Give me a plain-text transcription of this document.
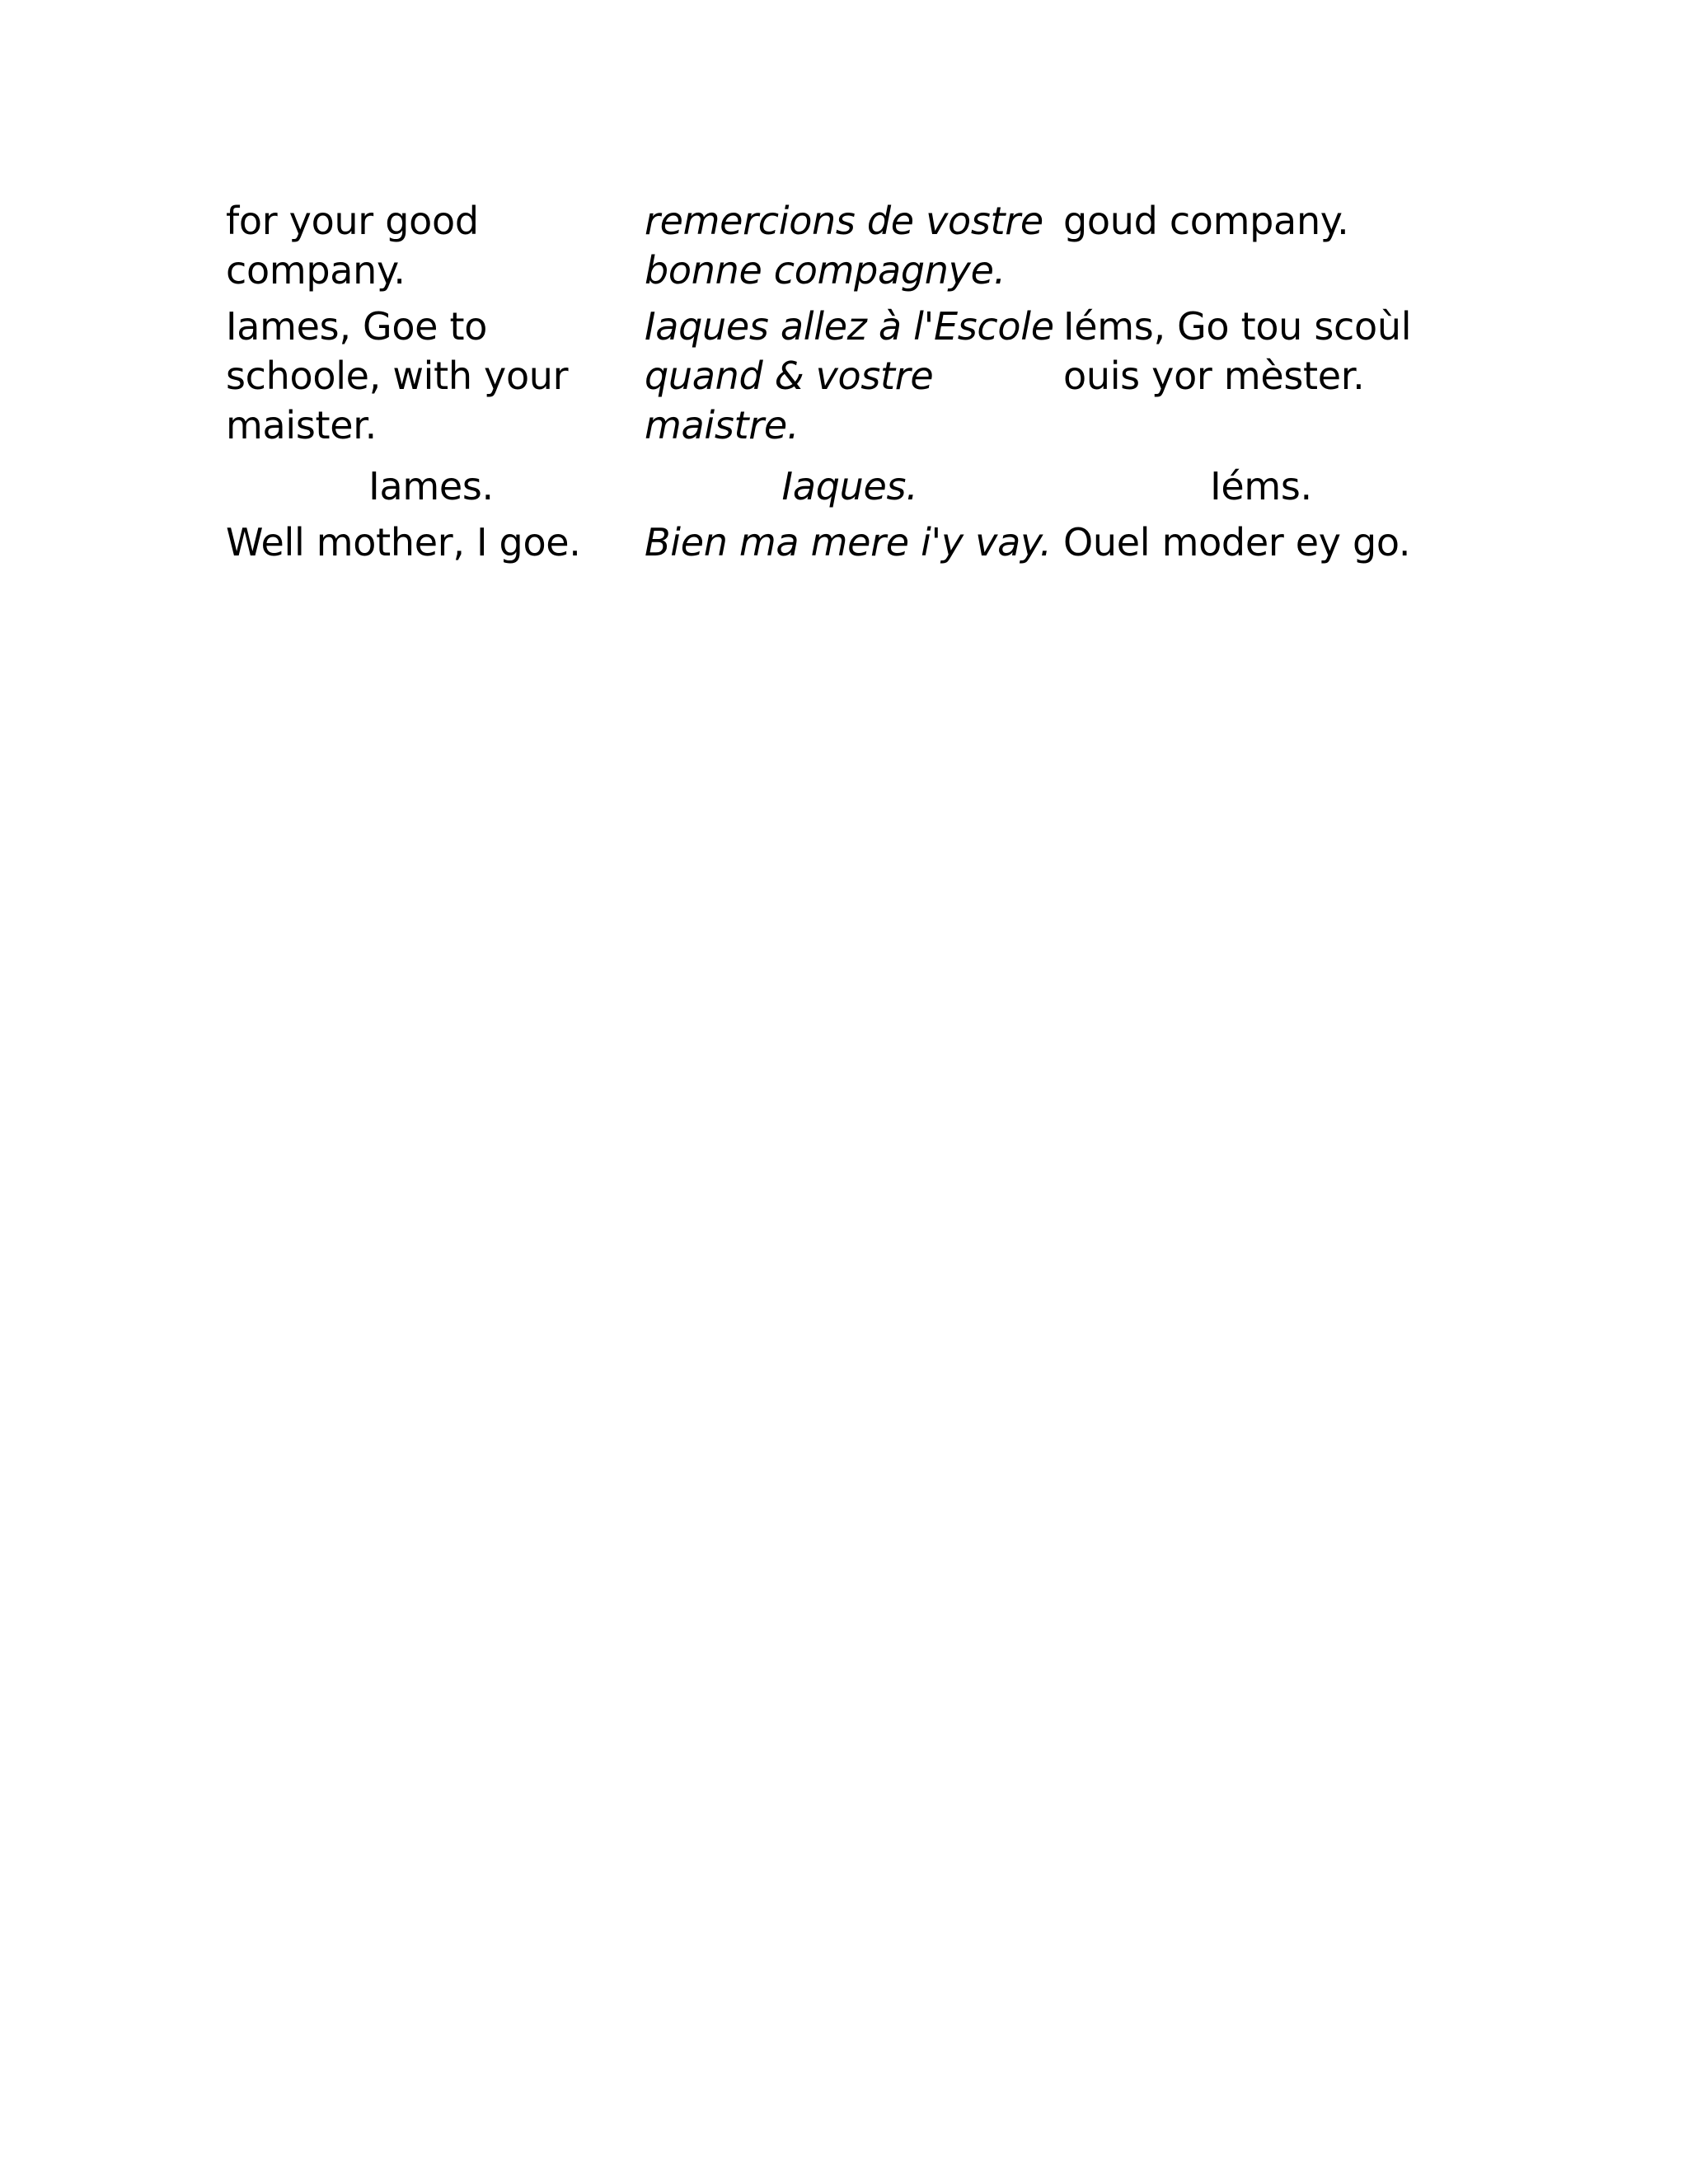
for your good company.	remercions de vostre bonne compagnye.	goud company.
Iames, Goe to schoole, with your maister.	Iaques allez à l'Escole quand & vostre maistre.	Iéms, Go tou scoùl ouis yor mèster.
Iames.	Iaques.	Iéms.
Well mother, I goe.	Bien ma mere i'y vay.	Ouel moder ey go.
